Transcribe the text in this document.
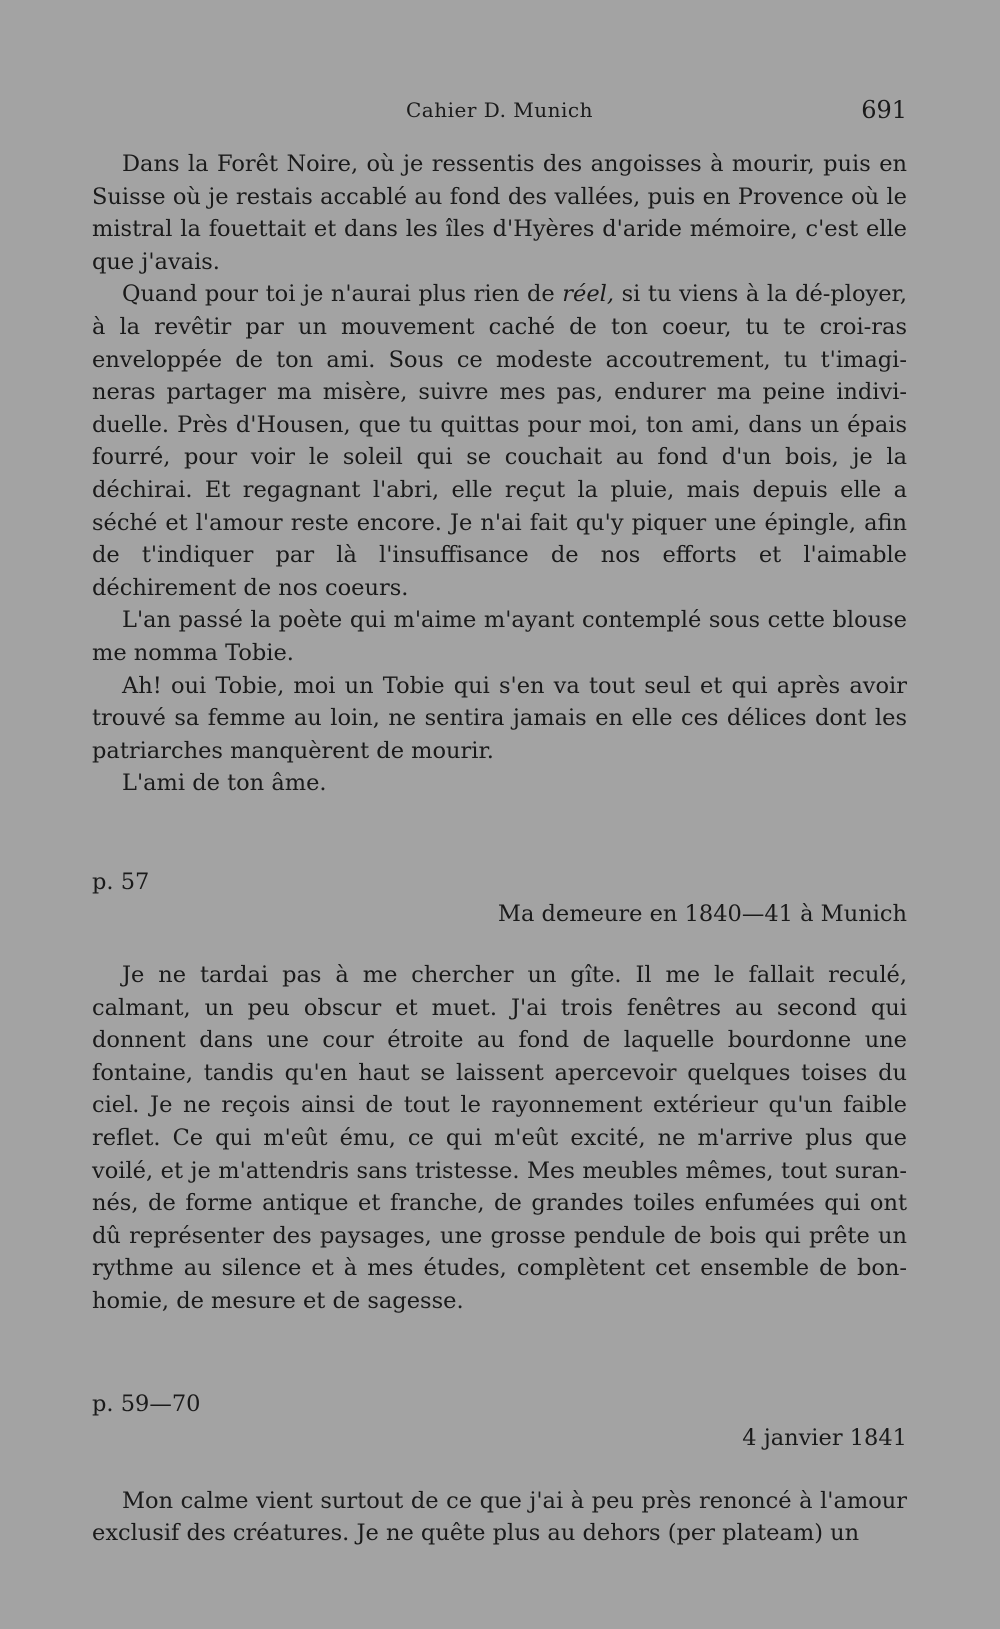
Cahier D. Munich	691

Dans la Forêt Noire, où je ressentis des angoisses à mourir, puis en Suisse où je restais accablé au fond des vallées, puis en Provence où le mistral la fouettait et dans les îles d'Hyères d'aride mémoire, c'est elle que j'avais.

Quand pour toi je n'aurai plus rien de réel, si tu viens à la dé-ployer, à la revêtir par un mouvement caché de ton coeur, tu te croi-ras enveloppée de ton ami. Sous ce modeste accoutrement, tu t'imagi-neras partager ma misère, suivre mes pas, endurer ma peine indivi-duelle. Près d'Housen, que tu quittas pour moi, ton ami, dans un épais fourré, pour voir le soleil qui se couchait au fond d'un bois, je la déchirai. Et regagnant l'abri, elle reçut la pluie, mais depuis elle a séché et l'amour reste encore. Je n'ai fait qu'y piquer une épingle, afin de t'indiquer par là l'insuffisance de nos efforts et l'aimable déchirement de nos coeurs.

L'an passé la poète qui m'aime m'ayant contemplé sous cette blouse me nomma Tobie.

Ah! oui Tobie, moi un Tobie qui s'en va tout seul et qui après avoir trouvé sa femme au loin, ne sentira jamais en elle ces délices dont les patriarches manquèrent de mourir.

L'ami de ton âme.

p. 57

Ma demeure en 1840—41 à Munich

Je ne tardai pas à me chercher un gîte. Il me le fallait reculé, calmant, un peu obscur et muet. J'ai trois fenêtres au second qui donnent dans une cour étroite au fond de laquelle bourdonne une fontaine, tandis qu'en haut se laissent apercevoir quelques toises du ciel. Je ne reçois ainsi de tout le rayonnement extérieur qu'un faible reflet. Ce qui m'eût ému, ce qui m'eût excité, ne m'arrive plus que voilé, et je m'attendris sans tristesse. Mes meubles mêmes, tout suran-nés, de forme antique et franche, de grandes toiles enfumées qui ont dû représenter des paysages, une grosse pendule de bois qui prête un rythme au silence et à mes études, complètent cet ensemble de bon-homie, de mesure et de sagesse.

p. 59—70

4 janvier 1841

Mon calme vient surtout de ce que j'ai à peu près renoncé à l'amour exclusif des créatures. Je ne quête plus au dehors (per plateam) un
